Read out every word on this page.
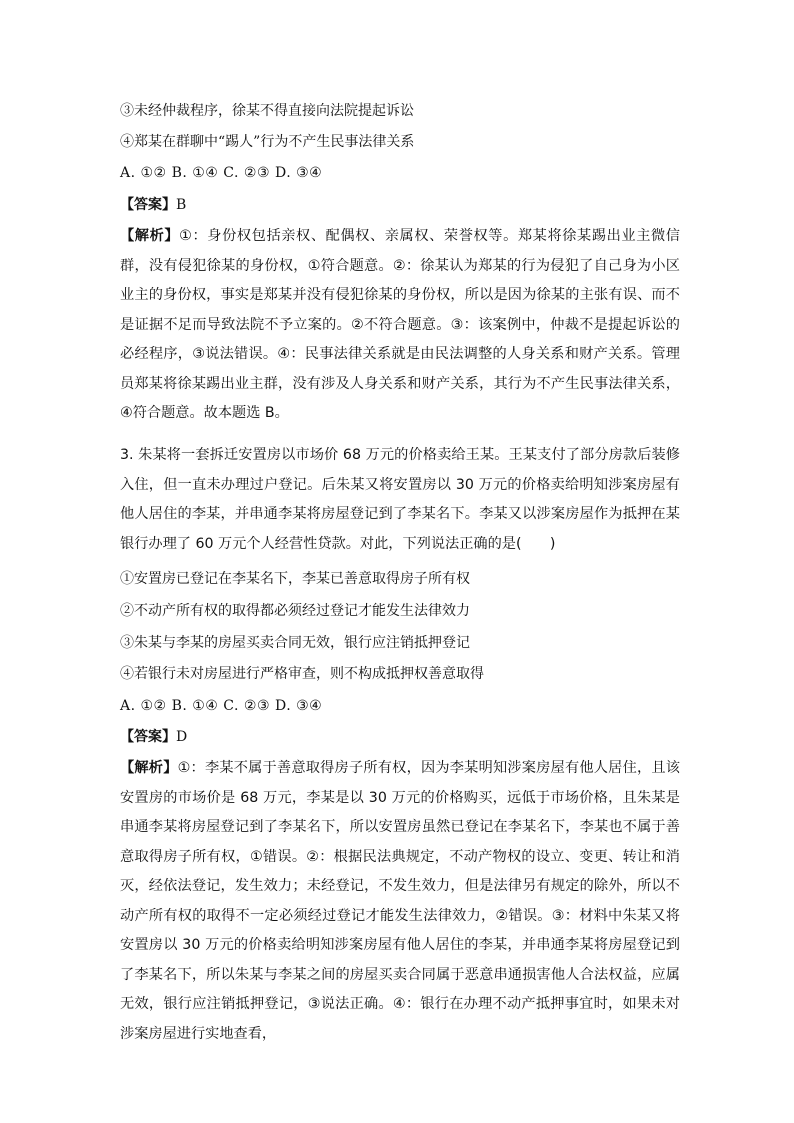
③未经仲裁程序，徐某不得直接向法院提起诉讼
④郑某在群聊中“踢人”行为不产生民事法律关系
A. ①② B. ①④ C. ②③ D. ③④
【答案】B
【解析】①：身份权包括亲权、配偶权、亲属权、荣誉权等。郑某将徐某踢出业主微信群，没有侵犯徐某的身份权，①符合题意。②：徐某认为郑某的行为侵犯了自己身为小区业主的身份权，事实是郑某并没有侵犯徐某的身份权，所以是因为徐某的主张有误、而不是证据不足而导致法院不予立案的。②不符合题意。③：该案例中，仲裁不是提起诉讼的必经程序，③说法错误。④：民事法律关系就是由民法调整的人身关系和财产关系。管理员郑某将徐某踢出业主群，没有涉及人身关系和财产关系，其行为不产生民事法律关系，④符合题意。故本题选 B。
3. 朱某将一套拆迁安置房以市场价 68 万元的价格卖给王某。王某支付了部分房款后装修入住，但一直未办理过户登记。后朱某又将安置房以 30 万元的价格卖给明知涉案房屋有他人居住的李某，并串通李某将房屋登记到了李某名下。李某又以涉案房屋作为抵押在某银行办理了 60 万元个人经营性贷款。对此，下列说法正确的是(　　)
①安置房已登记在李某名下，李某已善意取得房子所有权
②不动产所有权的取得都必须经过登记才能发生法律效力
③朱某与李某的房屋买卖合同无效，银行应注销抵押登记
④若银行未对房屋进行严格审查，则不构成抵押权善意取得
A. ①② B. ①④ C. ②③ D. ③④
【答案】D
【解析】①：李某不属于善意取得房子所有权，因为李某明知涉案房屋有他人居住，且该安置房的市场价是 68 万元，李某是以 30 万元的价格购买，远低于市场价格，且朱某是串通李某将房屋登记到了李某名下，所以安置房虽然已登记在李某名下，李某也不属于善意取得房子所有权，①错误。②：根据民法典规定，不动产物权的设立、变更、转让和消灭，经依法登记，发生效力；未经登记，不发生效力，但是法律另有规定的除外，所以不动产所有权的取得不一定必须经过登记才能发生法律效力，②错误。③：材料中朱某又将安置房以 30 万元的价格卖给明知涉案房屋有他人居住的李某，并串通李某将房屋登记到了李某名下，所以朱某与李某之间的房屋买卖合同属于恶意串通损害他人合法权益，应属无效，银行应注销抵押登记，③说法正确。④：银行在办理不动产抵押事宜时，如果未对涉案房屋进行实地查看，
